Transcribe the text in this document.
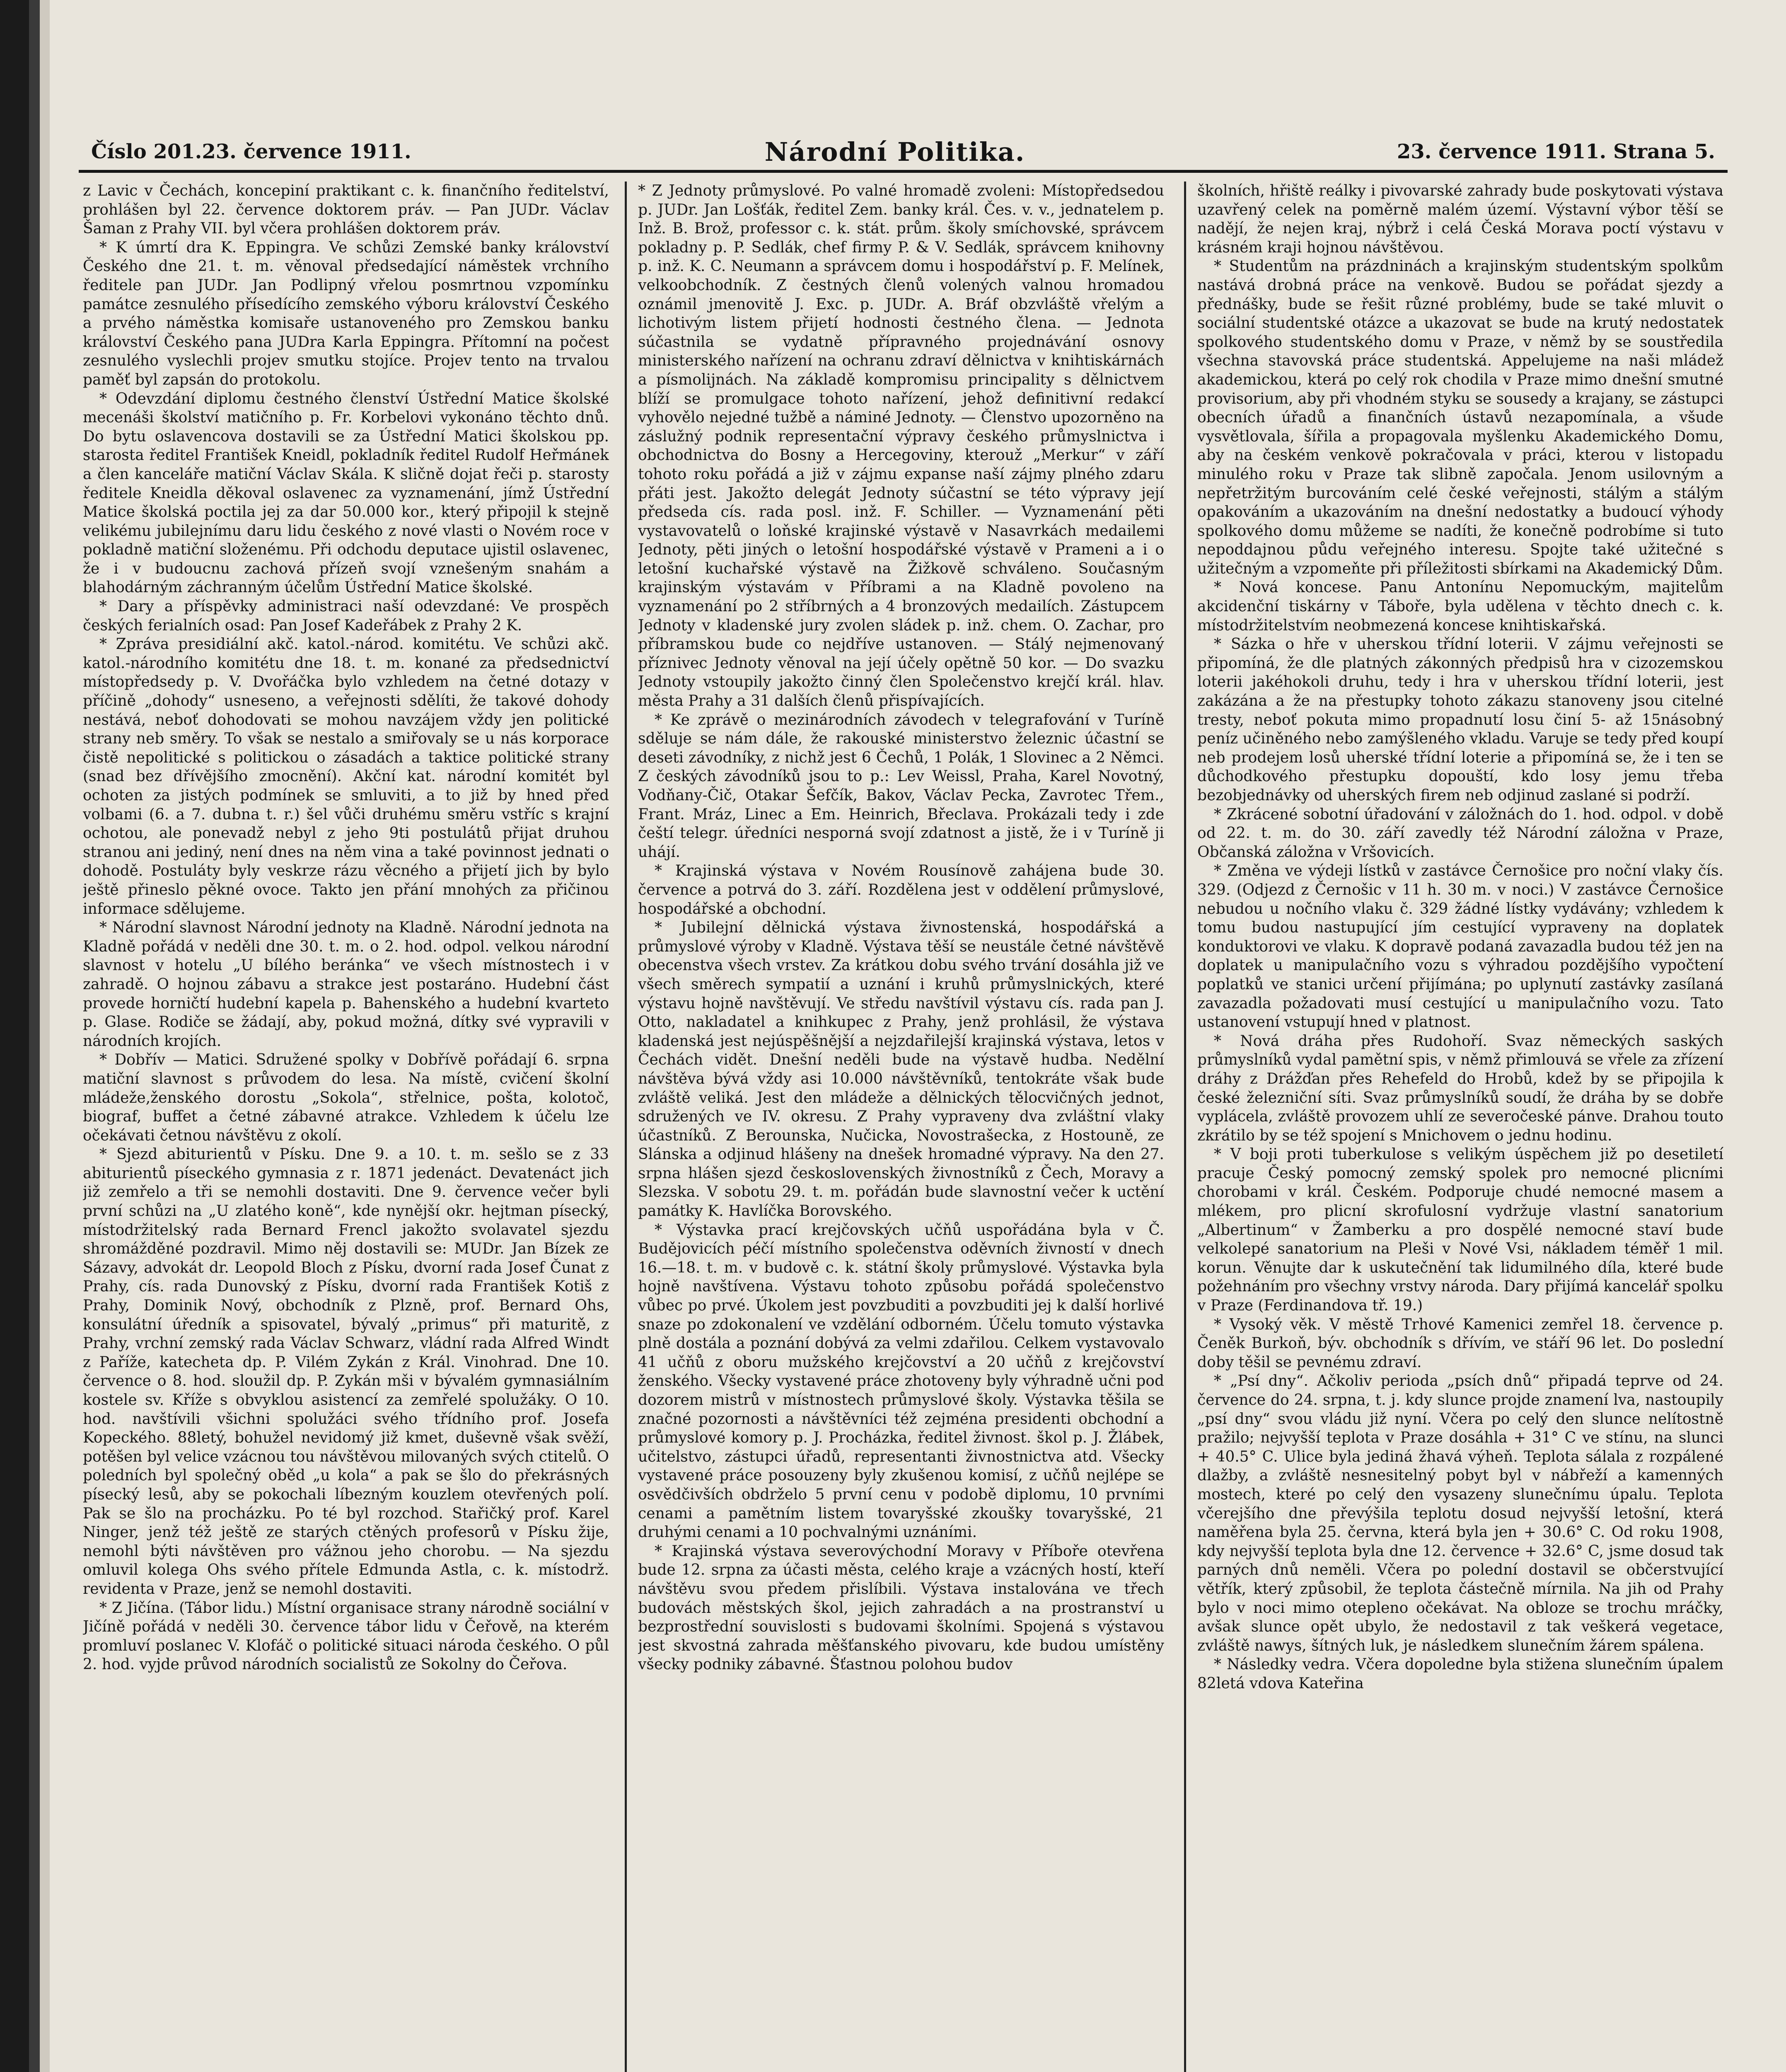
Číslo 201.23. července 1911.	Národní Politika.	23. července 1911. Strana 5.

z Lavic v Čechách, koncepiní praktikant c. k. finančního ředitelství, prohlášen byl 22. července doktorem práv. — Pan JUDr. Václav Šaman z Prahy VII. byl včera prohlášen doktorem práv.

* K úmrtí dra K. Eppingra. Ve schůzi Zemské banky království Českého dne 21. t. m. věnoval předsedající náměstek vrchního ředitele pan JUDr. Jan Podlipný vřelou posmrtnou vzpomínku památce zesnulého přísedícího zemského výboru království Českého a prvého náměstka komisaře ustanoveného pro Zemskou banku království Českého pana JUDra Karla Eppingra. Přítomní na počest zesnulého vyslechli projev smutku stojíce. Projev tento na trvalou paměť byl zapsán do protokolu.

* Odevzdání diplomu čestného členství Ústřední Matice školské mecenáši školství matičního p. Fr. Korbelovi vykonáno těchto dnů. Do bytu oslavencova dostavili se za Ústřední Matici školskou pp. starosta ředitel František Kneidl, pokladník ředitel Rudolf Heřmánek a člen kanceláře matiční Václav Skála. K sličně dojat řeči p. starosty ředitele Kneidla děkoval oslavenec za vyznamenání, jímž Ústřední Matice školská poctila jej za dar 50.000 kor., který připojil k stejně velikému jubilejnímu daru lidu českého z nové vlasti o Novém roce v pokladně matiční složenému. Při odchodu deputace ujistil oslavenec, že i v budoucnu zachová přízeň svojí vznešeným snahám a blahodárným záchranným účelům Ústřední Matice školské.

* Dary a příspěvky administraci naší odevzdané: Ve prospěch českých ferialních osad: Pan Josef Kadeřábek z Prahy 2 K.

* Zpráva presidiální akč. katol.-národ. komitétu. Ve schůzi akč. katol.-národního komitétu dne 18. t. m. konané za předsednictví místopředsedy p. V. Dvořáčka bylo vzhledem na četné dotazy v příčině „dohody“ usneseno, a veřejnosti sdělíti, že takové dohody nestává, neboť dohodovati se mohou navzájem vždy jen politické strany neb směry. To však se nestalo a smiřovaly se u nás korporace čistě nepolitické s politickou o zásadách a taktice politické strany (snad bez dřívějšího zmocnění). Akční kat. národní komitét byl ochoten za jistých podmínek se smluviti, a to již by hned před volbami (6. a 7. dubna t. r.) šel vůči druhému směru vstříc s krajní ochotou, ale ponevadž nebyl z jeho 9ti postulátů přijat druhou stranou ani jediný, není dnes na něm vina a také povinnost jednati o dohodě. Postuláty byly veskrze rázu věcného a přijetí jich by bylo ještě přineslo pěkné ovoce. Takto jen přání mnohých za přičinou informace sdělujeme.

* Národní slavnost Národní jednoty na Kladně. Národní jednota na Kladně pořádá v neděli dne 30. t. m. o 2. hod. odpol. velkou národní slavnost v hotelu „U bílého beránka“ ve všech místnostech i v zahradě. O hojnou zábavu a strakce jest postaráno. Hudební část provede horničtí hudební kapela p. Bahenského a hudební kvarteto p. Glase. Rodiče se žádají, aby, pokud možná, dítky své vypravili v národních krojích.

* Dobřív — Matici. Sdružené spolky v Dobřívě pořádají 6. srpna matiční slavnost s průvodem do lesa. Na místě, cvičení školní mládeže,ženského dorostu „Sokola“, střelnice, pošta, kolotoč, biograf, buffet a četné zábavné atrakce. Vzhledem k účelu lze očekávati četnou návštěvu z okolí.

* Sjezd abiturientů v Písku. Dne 9. a 10. t. m. sešlo se z 33 abiturientů píseckého gymnasia z r. 1871 jedenáct. Devatenáct jich již zemřelo a tři se nemohli dostaviti. Dne 9. července večer byli první schůzi na „U zlatého koně“, kde nynější okr. hejtman písecký, místodržitelský rada Bernard Frencl jakožto svolavatel sjezdu shromážděné pozdravil. Mimo něj dostavili se: MUDr. Jan Bízek ze Sázavy, advokát dr. Leopold Bloch z Písku, dvorní rada Josef Čunat z Prahy, cís. rada Dunovský z Písku, dvorní rada František Kotiš z Prahy, Dominik Nový, obchodník z Plzně, prof. Bernard Ohs, konsulátní úředník a spisovatel, bývalý „primus“ při maturitě, z Prahy, vrchní zemský rada Václav Schwarz, vládní rada Alfred Windt z Paříže, katecheta dp. P. Vilém Zykán z Král. Vinohrad. Dne 10. července o 8. hod. sloužil dp. P. Zykán mši v bývalém gymnasiálním kostele sv. Kříže s obvyklou asistencí za zemřelé spolužáky. O 10. hod. navštívili všichni spolužáci svého třídního prof. Josefa Kopeckého. 88letý, bohužel nevidomý již kmet, duševně však svěží, potěšen byl velice vzácnou tou návštěvou milovaných svých ctitelů. O poledních byl společný oběd „u kola“ a pak se šlo do překrásných písecký lesů, aby se pokochali líbezným kouzlem otevřených polí. Pak se šlo na procházku. Po té byl rozchod. Stařičký prof. Karel Ninger, jenž též ještě ze starých ctěných profesorů v Písku žije, nemohl býti návštěven pro vážnou jeho chorobu. — Na sjezdu omluvil kolega Ohs svého přítele Edmunda Astla, c. k. místodrž. revidenta v Praze, jenž se nemohl dostaviti.

* Z Jičína. (Tábor lidu.) Místní organisace strany národně sociální v Jičíně pořádá v neděli 30. července tábor lidu v Čeřově, na kterém promluví poslanec V. Klofáč o politické situaci národa českého. O půl 2. hod. vyjde průvod národních socialistů ze Sokolny do Čeřova.

* Z Jednoty průmyslové. Po valné hromadě zvoleni: Místopředsedou p. JUDr. Jan Lošťák, ředitel Zem. banky král. Čes. v. v., jednatelem p. Inž. B. Brož, professor c. k. stát. prům. školy smíchovské, správcem pokladny p. P. Sedlák, chef firmy P. & V. Sedlák, správcem knihovny p. inž. K. C. Neumann a správcem domu i hospodářství p. F. Melínek, velkoobchodník. Z čestných členů volených valnou hromadou oznámil jmenovitě J. Exc. p. JUDr. A. Bráf obzvláště vřelým a lichotivým listem přijetí hodnosti čestného člena. — Jednota súčastnila se vydatně přípravného projednávání osnovy ministerského nařízení na ochranu zdraví dělnictva v knihtiskárnách a písmolijnách. Na základě kompromisu principality s dělnictvem blíží se promulgace tohoto nařízení, jehož definitivní redakcí vyhovělo nejedné tužbě a náminé Jednoty. — Členstvo upozorněno na záslužný podnik representační výpravy českého průmyslnictva i obchodnictva do Bosny a Hercegoviny, kterouž „Merkur“ v září tohoto roku pořádá a již v zájmu expanse naší zájmy plného zdaru přáti jest. Jakožto delegát Jednoty súčastní se této výpravy její předseda cís. rada posl. inž. F. Schiller. — Vyznamenání pěti vystavovatelů o loňské krajinské výstavě v Nasavrkách medailemi Jednoty, pěti jiných o letošní hospodářské výstavě v Prameni a i o letošní kuchařské výstavě na Žižkově schváleno. Současným krajinským výstavám v Příbrami a na Kladně povoleno na vyznamenání po 2 stříbrných a 4 bronzových medailích. Zástupcem Jednoty v kladenské jury zvolen sládek p. inž. chem. O. Zachar, pro příbramskou bude co nejdříve ustanoven. — Stálý nejmenovaný příznivec Jednoty věnoval na její účely opětně 50 kor. — Do svazku Jednoty vstoupily jakožto činný člen Společenstvo krejčí král. hlav. města Prahy a 31 dalších členů přispívajících.

* Ke zprávě o mezinárodních závodech v telegrafování v Turíně sděluje se nám dále, že rakouské ministerstvo železnic účastní se deseti závodníky, z nichž jest 6 Čechů, 1 Polák, 1 Slovinec a 2 Němci. Z českých závodníků jsou to p.: Lev Weissl, Praha, Karel Novotný, Vodňany-Čič, Otakar Šefčík, Bakov, Václav Pecka, Zavrotec Třem., Frant. Mráz, Linec a Em. Heinrich, Břeclava. Prokázali tedy i zde čeští telegr. úředníci nesporná svojí zdatnost a jistě, že i v Turíně ji uhájí.

* Krajinská výstava v Novém Rousínově zahájena bude 30. července a potrvá do 3. září. Rozdělena jest v oddělení průmyslové, hospodářské a obchodní.

* Jubilejní dělnická výstava živnostenská, hospodářská a průmyslové výroby v Kladně. Výstava těší se neustále četné návštěvě obecenstva všech vrstev. Za krátkou dobu svého trvání dosáhla již ve všech směrech sympatií a uznání i kruhů průmyslnických, které výstavu hojně navštěvují. Ve středu navštívil výstavu cís. rada pan J. Otto, nakladatel a knihkupec z Prahy, jenž prohlásil, že výstava kladenská jest nejúspěšnější a nejzdařilejší krajinská výstava, letos v Čechách vidět. Dnešní neděli bude na výstavě hudba. Nedělní návštěva bývá vždy asi 10.000 návštěvníků, tentokráte však bude zvláště veliká. Jest den mládeže a dělnických tělocvičných jednot, sdružených ve IV. okresu. Z Prahy vypraveny dva zvláštní vlaky účastníků. Z Berounska, Nučicka, Novostrašecka, z Hostouně, ze Slánska a odjinud hlášeny na dnešek hromadné výpravy. Na den 27. srpna hlášen sjezd československých živnostníků z Čech, Moravy a Slezska. V sobotu 29. t. m. pořádán bude slavnostní večer k uctění památky K. Havlíčka Borovského.

* Výstavka prací krejčovských učňů uspořádána byla v Č. Budějovicích péčí místního společenstva oděvních živností v dnech 16.—18. t. m. v budově c. k. státní školy průmyslové. Výstavka byla hojně navštívena. Výstavu tohoto způsobu pořádá společenstvo vůbec po prvé. Úkolem jest povzbuditi a povzbuditi jej k další horlivé snaze po zdokonalení ve vzdělání odborném. Účelu tomuto výstavka plně dostála a poznání dobývá za velmi zdařilou. Celkem vystavovalo 41 učňů z oboru mužského krejčovství a 20 učňů z krejčovství ženského. Všecky vystavené práce zhotoveny byly výhradně učni pod dozorem mistrů v místnostech průmyslové školy. Výstavka těšila se značné pozornosti a návštěvníci též zejména presidenti obchodní a průmyslové komory p. J. Procházka, ředitel živnost. škol p. J. Žlábek, učitelstvo, zástupci úřadů, representanti živnostnictva atd. Všecky vystavené práce posouzeny byly zkušenou komisí, z učňů nejlépe se osvědčivších obdrželo 5 první cenu v podobě diplomu, 10 prvními cenami a pamětním listem tovaryšské zkoušky tovaryšské, 21 druhými cenami a 10 pochvalnými uznáními.

* Krajinská výstava severovýchodní Moravy v Příboře otevřena bude 12. srpna za účasti města, celého kraje a vzácných hostí, kteří návštěvu svou předem přislíbili. Výstava instalována ve třech budovách městských škol, jejich zahradách a na prostranství u bezprostřední souvislosti s budovami školními. Spojená s výstavou jest skvostná zahrada měšťanského pivovaru, kde budou umístěny všecky podniky zábavné. Šťastnou polohou budov

školních, hřiště reálky i pivovarské zahrady bude poskytovati výstava uzavřený celek na poměrně malém území. Výstavní výbor těší se nadějí, že nejen kraj, nýbrž i celá Česká Morava poctí výstavu v krásném kraji hojnou návštěvou.

* Studentům na prázdninách a krajinským studentským spolkům nastává drobná práce na venkově. Budou se pořádat sjezdy a přednášky, bude se řešit různé problémy, bude se také mluvit o sociální studentské otázce a ukazovat se bude na krutý nedostatek spolkového studentského domu v Praze, v němž by se soustředila všechna stavovská práce studentská. Appelujeme na naši mládež akademickou, která po celý rok chodila v Praze mimo dnešní smutné provisorium, aby při vhodném styku se sousedy a krajany, se zástupci obecních úřadů a finančních ústavů nezapomínala, a všude vysvětlovala, šířila a propagovala myšlenku Akademického Domu, aby na českém venkově pokračovala v práci, kterou v listopadu minulého roku v Praze tak slibně započala. Jenom usilovným a nepřetržitým burcováním celé české veřejnosti, stálým a stálým opakováním a ukazováním na dnešní nedostatky a budoucí výhody spolkového domu můžeme se nadíti, že konečně podrobíme si tuto nepoddajnou půdu veřejného interesu. Spojte také užitečné s užitečným a vzpomeňte při příležitosti sbírkami na Akademický Dům.

* Nová koncese. Panu Antonínu Nepomuckým, majitelům akcidenční tiskárny v Táboře, byla udělena v těchto dnech c. k. místodržitelstvím neobmezená koncese knihtiskařská.

* Sázka o hře v uherskou třídní loterii. V zájmu veřejnosti se připomíná, že dle platných zákonných předpisů hra v cizozemskou loterii jakéhokoli druhu, tedy i hra v uherskou třídní loterii, jest zakázána a že na přestupky tohoto zákazu stanoveny jsou citelné tresty, neboť pokuta mimo propadnutí losu činí 5- až 15násobný peníz učiněného nebo zamýšleného vkladu. Varuje se tedy před koupí neb prodejem losů uherské třídní loterie a připomíná se, že i ten se důchodkového přestupku dopouští, kdo losy jemu třeba bezobjednávky od uherských firem neb odjinud zaslané si podrží.

* Zkrácené sobotní úřadování v záložnách do 1. hod. odpol. v době od 22. t. m. do 30. září zavedly též Národní záložna v Praze, Občanská záložna v Vršovicích.

* Změna ve výdeji lístků v zastávce Černošice pro noční vlaky čís. 329. (Odjezd z Černošic v 11 h. 30 m. v noci.) V zastávce Černošice nebudou u nočního vlaku č. 329 žádné lístky vydávány; vzhledem k tomu budou nastupující jím cestující vypraveny na doplatek konduktorovi ve vlaku. K dopravě podaná zavazadla budou též jen na doplatek u manipulačního vozu s výhradou pozdějšího vypočtení poplatků ve stanici určení přijímána; po uplynutí zastávky zasílaná zavazadla požadovati musí cestující u manipulačního vozu. Tato ustanovení vstupují hned v platnost.

* Nová dráha přes Rudohoří. Svaz německých saských průmyslníků vydal pamětní spis, v němž přimlouvá se vřele za zřízení dráhy z Drážďan přes Rehefeld do Hrobů, kdež by se připojila k české železniční síti. Svaz průmyslníků soudí, že dráha by se dobře vyplácela, zvláště provozem uhlí ze severočeské pánve. Drahou touto zkrátilo by se též spojení s Mnichovem o jednu hodinu.

* V boji proti tuberkulose s velikým úspěchem již po desetiletí pracuje Český pomocný zemský spolek pro nemocné plicními chorobami v král. Českém. Podporuje chudé nemocné masem a mlékem, pro plicní skrofulosní vydržuje vlastní sanatorium „Albertinum“ v Žamberku a pro dospělé nemocné staví bude velkolepé sanatorium na Pleši v Nové Vsi, nákladem téměř 1 mil. korun. Věnujte dar k uskutečnění tak lidumilného díla, které bude požehnáním pro všechny vrstvy národa. Dary přijímá kancelář spolku v Praze (Ferdinandova tř. 19.)

* Vysoký věk. V městě Trhové Kamenici zemřel 18. července p. Čeněk Burkoň, býv. obchodník s dřívím, ve stáří 96 let. Do poslední doby těšil se pevnému zdraví.

* „Psí dny“. Ačkoliv perioda „psích dnů“ připadá teprve od 24. července do 24. srpna, t. j. kdy slunce projde znamení lva, nastoupily „psí dny“ svou vládu již nyní. Včera po celý den slunce nelítostně pražilo; nejvyšší teplota v Praze dosáhla + 31° C ve stínu, na slunci + 40.5° C. Ulice byla jediná žhavá výheň. Teplota sálala z rozpálené dlažby, a zvláště nesnesitelný pobyt byl v nábřeží a kamenných mostech, které po celý den vysazeny slunečnímu úpalu. Teplota včerejšího dne převýšila teplotu dosud nejvyšší letošní, která naměřena byla 25. června, která byla jen + 30.6° C. Od roku 1908, kdy nejvyšší teplota byla dne 12. července + 32.6° C, jsme dosud tak parných dnů neměli. Včera po polední dostavil se občerstvující větřík, který způsobil, že teplota částečně mírnila. Na jih od Prahy bylo v noci mimo otepleno očekávat. Na obloze se trochu mráčky, avšak slunce opět ubylo, že nedostavil z tak veškerá vegetace, zvláště nawys, šítných luk, je následkem slunečním žárem spálena.

* Následky vedra. Včera dopoledne byla stižena slunečním úpalem 82letá vdova Kateřina
